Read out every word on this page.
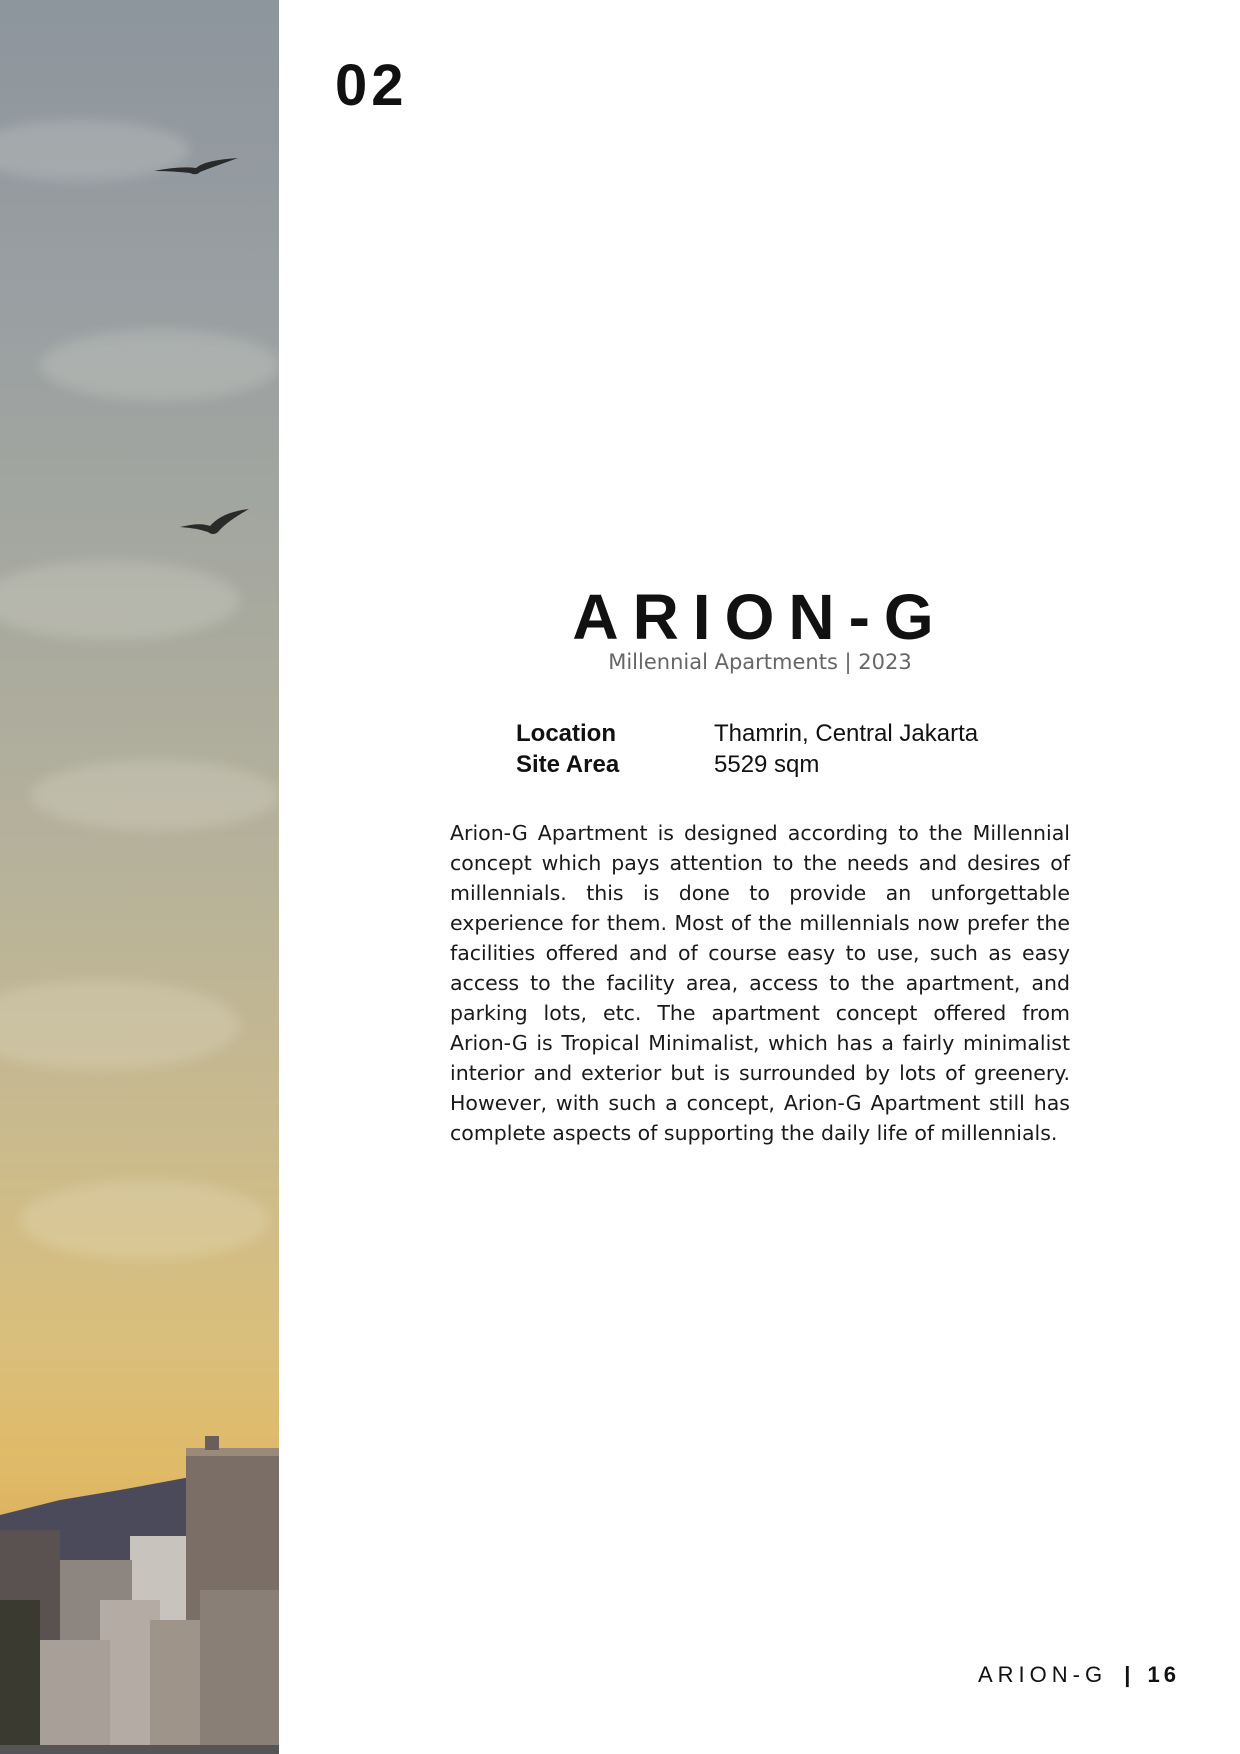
02
ARION-G
Millennial Apartments | 2023
Location	Thamrin, Central Jakarta
Site Area	5529 sqm

Arion-G Apartment is designed according to the Millennial concept which pays attention to the needs and desires of millennials. this is done to provide an unforgettable experience for them. Most of the millennials now prefer the facilities offered and of course easy to use, such as easy access to the facility area, access to the apartment, and parking lots, etc. The apartment concept offered from Arion-G is Tropical Minimalist, which has a fairly minimalist interior and exterior but is surrounded by lots of greenery. However, with such a concept, Arion-G Apartment still has complete aspects of supporting the daily life of millennials.

ARION-G | 16
